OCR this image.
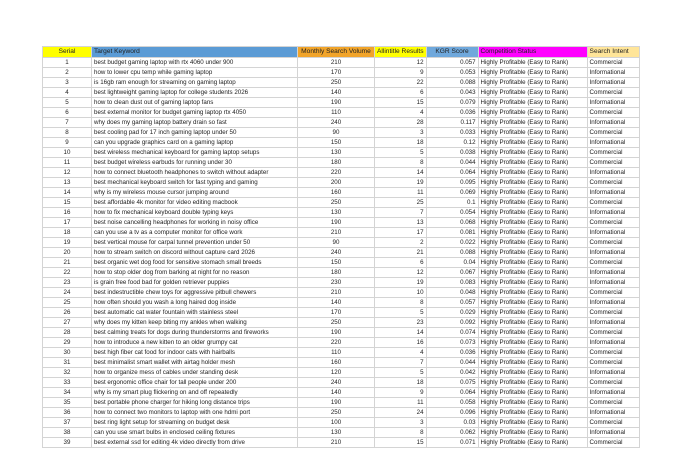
Serial	Target Keyword	Monthly Search Volume	Allintitle Results	KGR Score	Competition Status	Search Intent
1	best budget gaming laptop with rtx 4060 under 900	210	12	0.057	Highly Profitable (Easy to Rank)	Commercial
2	how to lower cpu temp while gaming laptop	170	9	0.053	Highly Profitable (Easy to Rank)	Informational
3	is 16gb ram enough for streaming on gaming laptop	250	22	0.088	Highly Profitable (Easy to Rank)	Informational
4	best lightweight gaming laptop for college students 2026	140	6	0.043	Highly Profitable (Easy to Rank)	Commercial
5	how to clean dust out of gaming laptop fans	190	15	0.079	Highly Profitable (Easy to Rank)	Informational
6	best external monitor for budget gaming laptop rtx 4050	110	4	0.036	Highly Profitable (Easy to Rank)	Commercial
7	why does my gaming laptop battery drain so fast	240	28	0.117	Highly Profitable (Easy to Rank)	Informational
8	best cooling pad for 17 inch gaming laptop under 50	90	3	0.033	Highly Profitable (Easy to Rank)	Commercial
9	can you upgrade graphics card on a gaming laptop	150	18	0.12	Highly Profitable (Easy to Rank)	Informational
10	best wireless mechanical keyboard for gaming laptop setups	130	5	0.038	Highly Profitable (Easy to Rank)	Commercial
11	best budget wireless earbuds for running under 30	180	8	0.044	Highly Profitable (Easy to Rank)	Commercial
12	how to connect bluetooth headphones to switch without adapter	220	14	0.064	Highly Profitable (Easy to Rank)	Informational
13	best mechanical keyboard switch for fast typing and gaming	200	19	0.095	Highly Profitable (Easy to Rank)	Commercial
14	why is my wireless mouse cursor jumping around	160	11	0.069	Highly Profitable (Easy to Rank)	Informational
15	best affordable 4k monitor for video editing macbook	250	25	0.1	Highly Profitable (Easy to Rank)	Commercial
16	how to fix mechanical keyboard double typing keys	130	7	0.054	Highly Profitable (Easy to Rank)	Informational
17	best noise cancelling headphones for working in noisy office	190	13	0.068	Highly Profitable (Easy to Rank)	Commercial
18	can you use a tv as a computer monitor for office work	210	17	0.081	Highly Profitable (Easy to Rank)	Informational
19	best vertical mouse for carpal tunnel prevention under 50	90	2	0.022	Highly Profitable (Easy to Rank)	Commercial
20	how to stream switch on discord without capture card 2026	240	21	0.088	Highly Profitable (Easy to Rank)	Informational
21	best organic wet dog food for sensitive stomach small breeds	150	6	0.04	Highly Profitable (Easy to Rank)	Commercial
22	how to stop older dog from barking at night for no reason	180	12	0.067	Highly Profitable (Easy to Rank)	Informational
23	is grain free food bad for golden retriever puppies	230	19	0.083	Highly Profitable (Easy to Rank)	Informational
24	best indestructible chew toys for aggressive pitbull chewers	210	10	0.048	Highly Profitable (Easy to Rank)	Commercial
25	how often should you wash a long haired dog inside	140	8	0.057	Highly Profitable (Easy to Rank)	Informational
26	best automatic cat water fountain with stainless steel	170	5	0.029	Highly Profitable (Easy to Rank)	Commercial
27	why does my kitten keep biting my ankles when walking	250	23	0.092	Highly Profitable (Easy to Rank)	Informational
28	best calming treats for dogs during thunderstorms and fireworks	190	14	0.074	Highly Profitable (Easy to Rank)	Commercial
29	how to introduce a new kitten to an older grumpy cat	220	16	0.073	Highly Profitable (Easy to Rank)	Informational
30	best high fiber cat food for indoor cats with hairballs	110	4	0.036	Highly Profitable (Easy to Rank)	Commercial
31	best minimalist smart wallet with airtag holder mesh	160	7	0.044	Highly Profitable (Easy to Rank)	Commercial
32	how to organize mess of cables under standing desk	120	5	0.042	Highly Profitable (Easy to Rank)	Informational
33	best ergonomic office chair for tall people under 200	240	18	0.075	Highly Profitable (Easy to Rank)	Commercial
34	why is my smart plug flickering on and off repeatedly	140	9	0.064	Highly Profitable (Easy to Rank)	Informational
35	best portable phone charger for hiking long distance trips	190	11	0.058	Highly Profitable (Easy to Rank)	Commercial
36	how to connect two monitors to laptop with one hdmi port	250	24	0.096	Highly Profitable (Easy to Rank)	Informational
37	best ring light setup for streaming on budget desk	100	3	0.03	Highly Profitable (Easy to Rank)	Commercial
38	can you use smart bulbs in enclosed ceiling fixtures	130	8	0.062	Highly Profitable (Easy to Rank)	Informational
39	best external ssd for editing 4k video directly from drive	210	15	0.071	Highly Profitable (Easy to Rank)	Commercial
